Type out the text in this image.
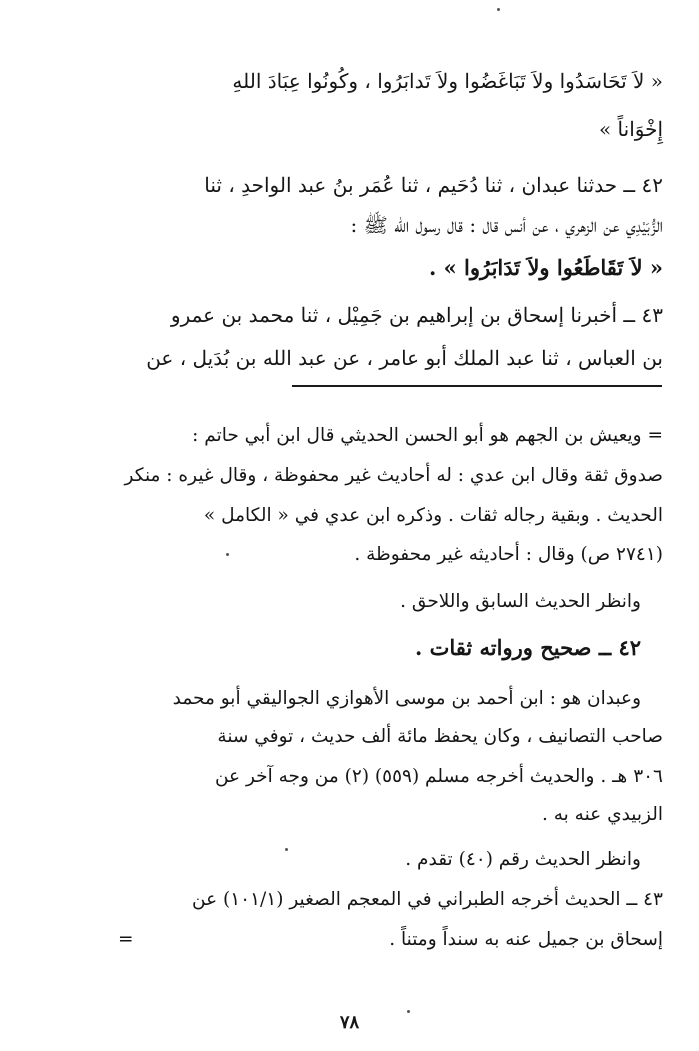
« لاَ تَحَاسَدُوا ولاَ تَبَاغَضُوا ولاَ تَدابَرُوا ، وكُونُوا عِبَادَ اللهِ
إِخْوَاناً »
٤٢ ــ حدثنا عبدان ، ثنا دُحَيم ، ثنا عُمَر بنُ عبد الواحدِ ، ثنا
الزُّبَيْدِي عن الزهري ، عن أنس قال : قال رسول الله ﷺ :
« لاَ تَقَاطَعُوا ولاَ تَدَابَرُوا » .
٤٣ ــ أخبرنا إسحاق بن إبراهيم بن جَمِيْل ، ثنا محمد بن عمرو
بن العباس ، ثنا عبد الملك أبو عامر ، عن عبد الله بن بُدَيل ، عن
= ويعيش بن الجهم هو أبو الحسن الحديثي قال ابن أبي حاتم :
صدوق ثقة وقال ابن عدي : له أحاديث غير محفوظة ، وقال غيره : منكر
الحديث . وبقية رجاله ثقات . وذكره ابن عدي في « الكامل »
(٢٧٤١ ص) وقال : أحاديثه غير محفوظة .
وانظر الحديث السابق واللاحق .
٤٢ ــ صحيح ورواته ثقات .
وعبدان هو : ابن أحمد بن موسى الأهوازي الجواليقي أبو محمد
صاحب التصانيف ، وكان يحفظ مائة ألف حديث ، توفي سنة
٣٠٦ هـ . والحديث أخرجه مسلم (٥٥٩) (٢) من وجه آخر عن
الزبيدي عنه به .
وانظر الحديث رقم (٤٠) تقدم .
٤٣ ــ الحديث أخرجه الطبراني في المعجم الصغير (١٠١/١) عن
إسحاق بن جميل عنه به سنداً ومتناً .
=
٧٨
